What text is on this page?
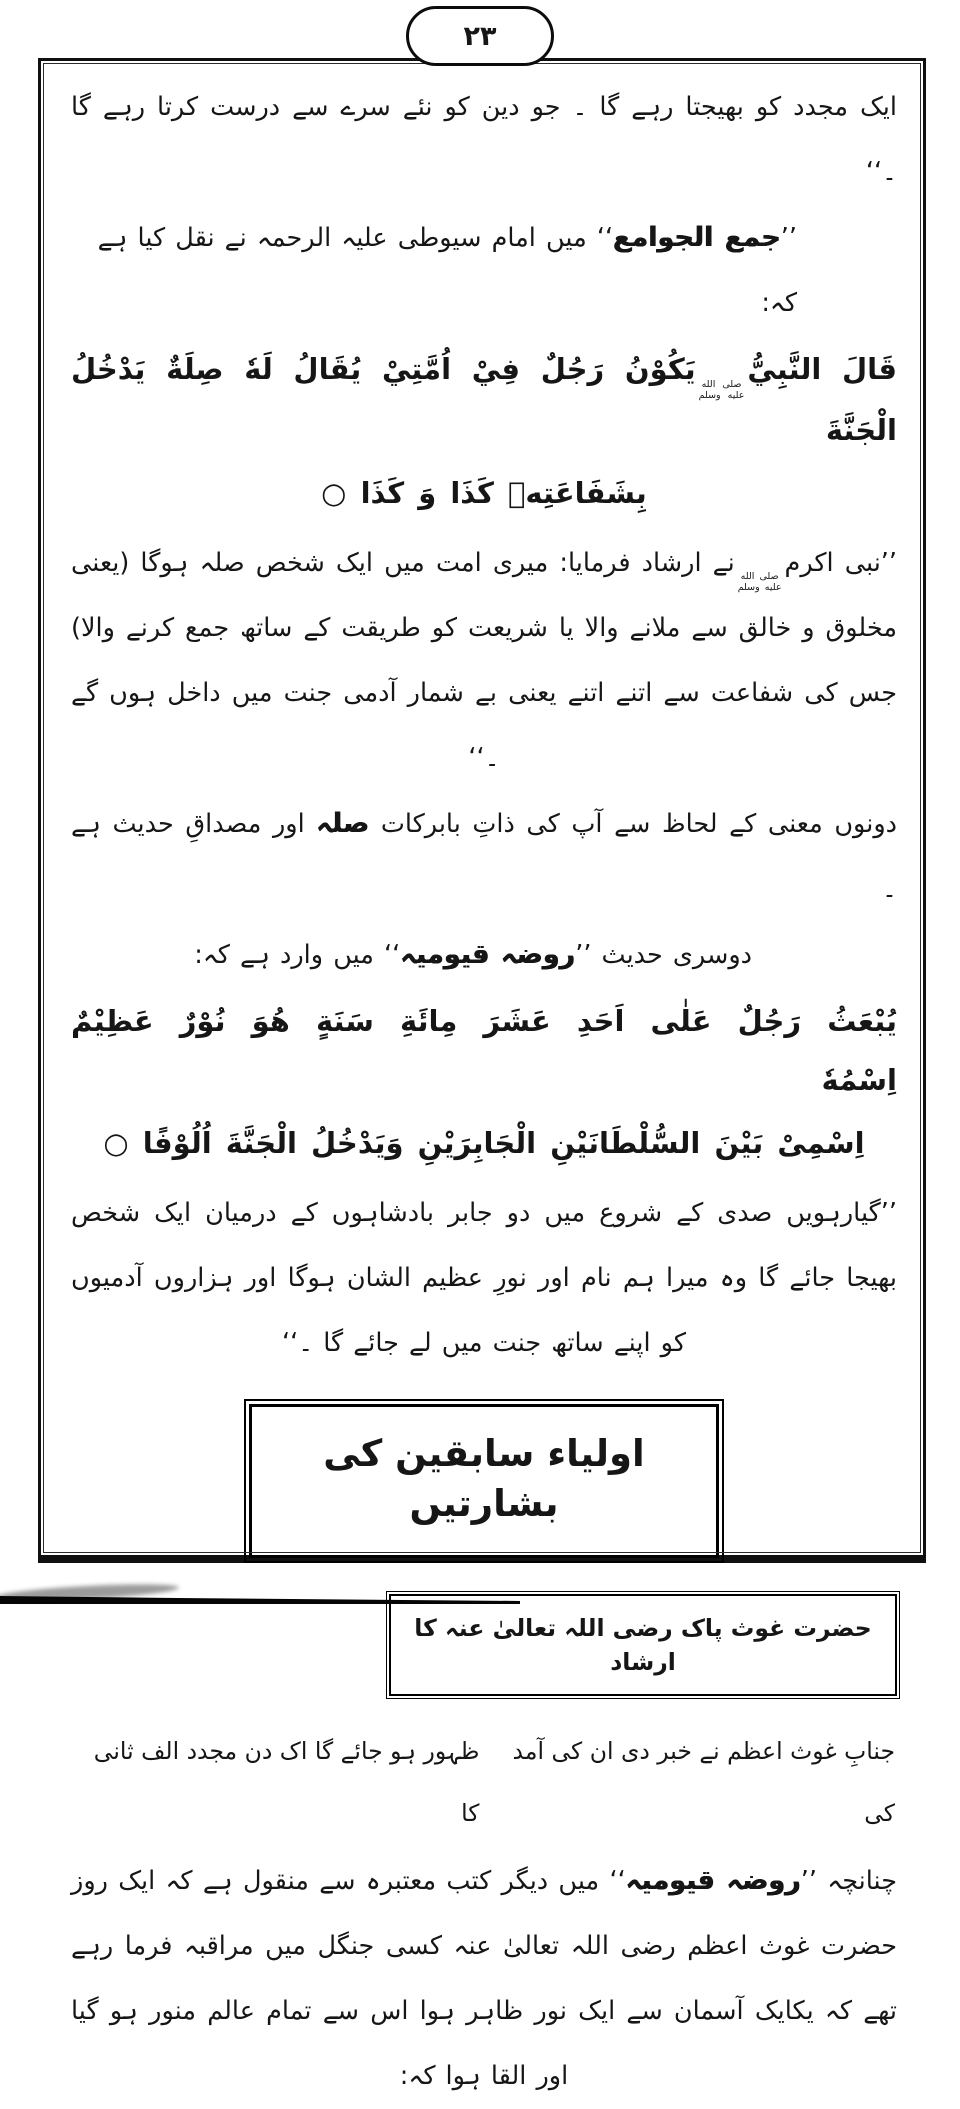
۲۳

ایک مجدد کو بھیجتا رہے گا ۔ جو دین کو نئے سرے سے درست کرتا رہے گا ۔‘‘

’’جمع الجوامع‘‘ میں امام سیوطی علیہ الرحمہ نے نقل کیا ہے کہ:

قَالَ النَّبِيُّ
صلى الله
عليه وسلم
يَكُوْنُ رَجُلٌ فِيْ اُمَّتِيْ يُقَالُ لَهٗ صِلَةٌ يَدْخُلُ الْجَنَّةَ
بِشَفَاعَتِهٖ كَذَا وَ كَذَا ○

’’نبی اکرم
صلى الله
عليه وسلم
نے ارشاد فرمایا: میری امت میں ایک شخص صلہ ہوگا (یعنی مخلوق و خالق سے ملانے والا یا شریعت کو طریقت کے ساتھ جمع کرنے والا) جس کی شفاعت سے اتنے اتنے یعنی بے شمار آدمی جنت میں داخل ہوں گے ۔‘‘

دونوں معنی کے لحاظ سے آپ کی ذاتِ بابرکات صلہ اور مصداقِ حدیث ہے ۔

دوسری حدیث ’’روضہ قیومیہ‘‘ میں وارد ہے کہ:

يُبْعَثُ رَجُلٌ عَلٰى اَحَدِ عَشَرَ مِائَةِ سَنَةٍ هُوَ نُوْرٌ عَظِيْمٌ اِسْمُهٗ
اِسْمِىْ بَيْنَ السُّلْطَانَيْنِ الْجَابِرَيْنِ وَيَدْخُلُ الْجَنَّةَ اُلُوْفًا ○

’’گیارہویں صدی کے شروع میں دو جابر بادشاہوں کے درمیان ایک شخص بھیجا جائے گا وہ میرا ہم نام اور نورِ عظیم الشان ہوگا اور ہزاروں آدمیوں کو اپنے ساتھ جنت میں لے جائے گا ۔‘‘

اولیاء سابقین کی بشارتیں
حضرت غوث پاک رضی اللہ تعالیٰ عنہ کا ارشاد
جنابِ غوث اعظم نے خبر دی ان کی آمد کی
ظہور ہو جائے گا اک دن مجدد الف ثانی کا

چنانچہ ’’روضہ قیومیہ‘‘ میں دیگر کتب معتبرہ سے منقول ہے کہ ایک روز حضرت غوث اعظم رضی اللہ تعالیٰ عنہ کسی جنگل میں مراقبہ فرما رہے تھے کہ یکایک آسمان سے ایک نور ظاہر ہوا اس سے تمام عالم منور ہو گیا اور القا ہوا کہ:
